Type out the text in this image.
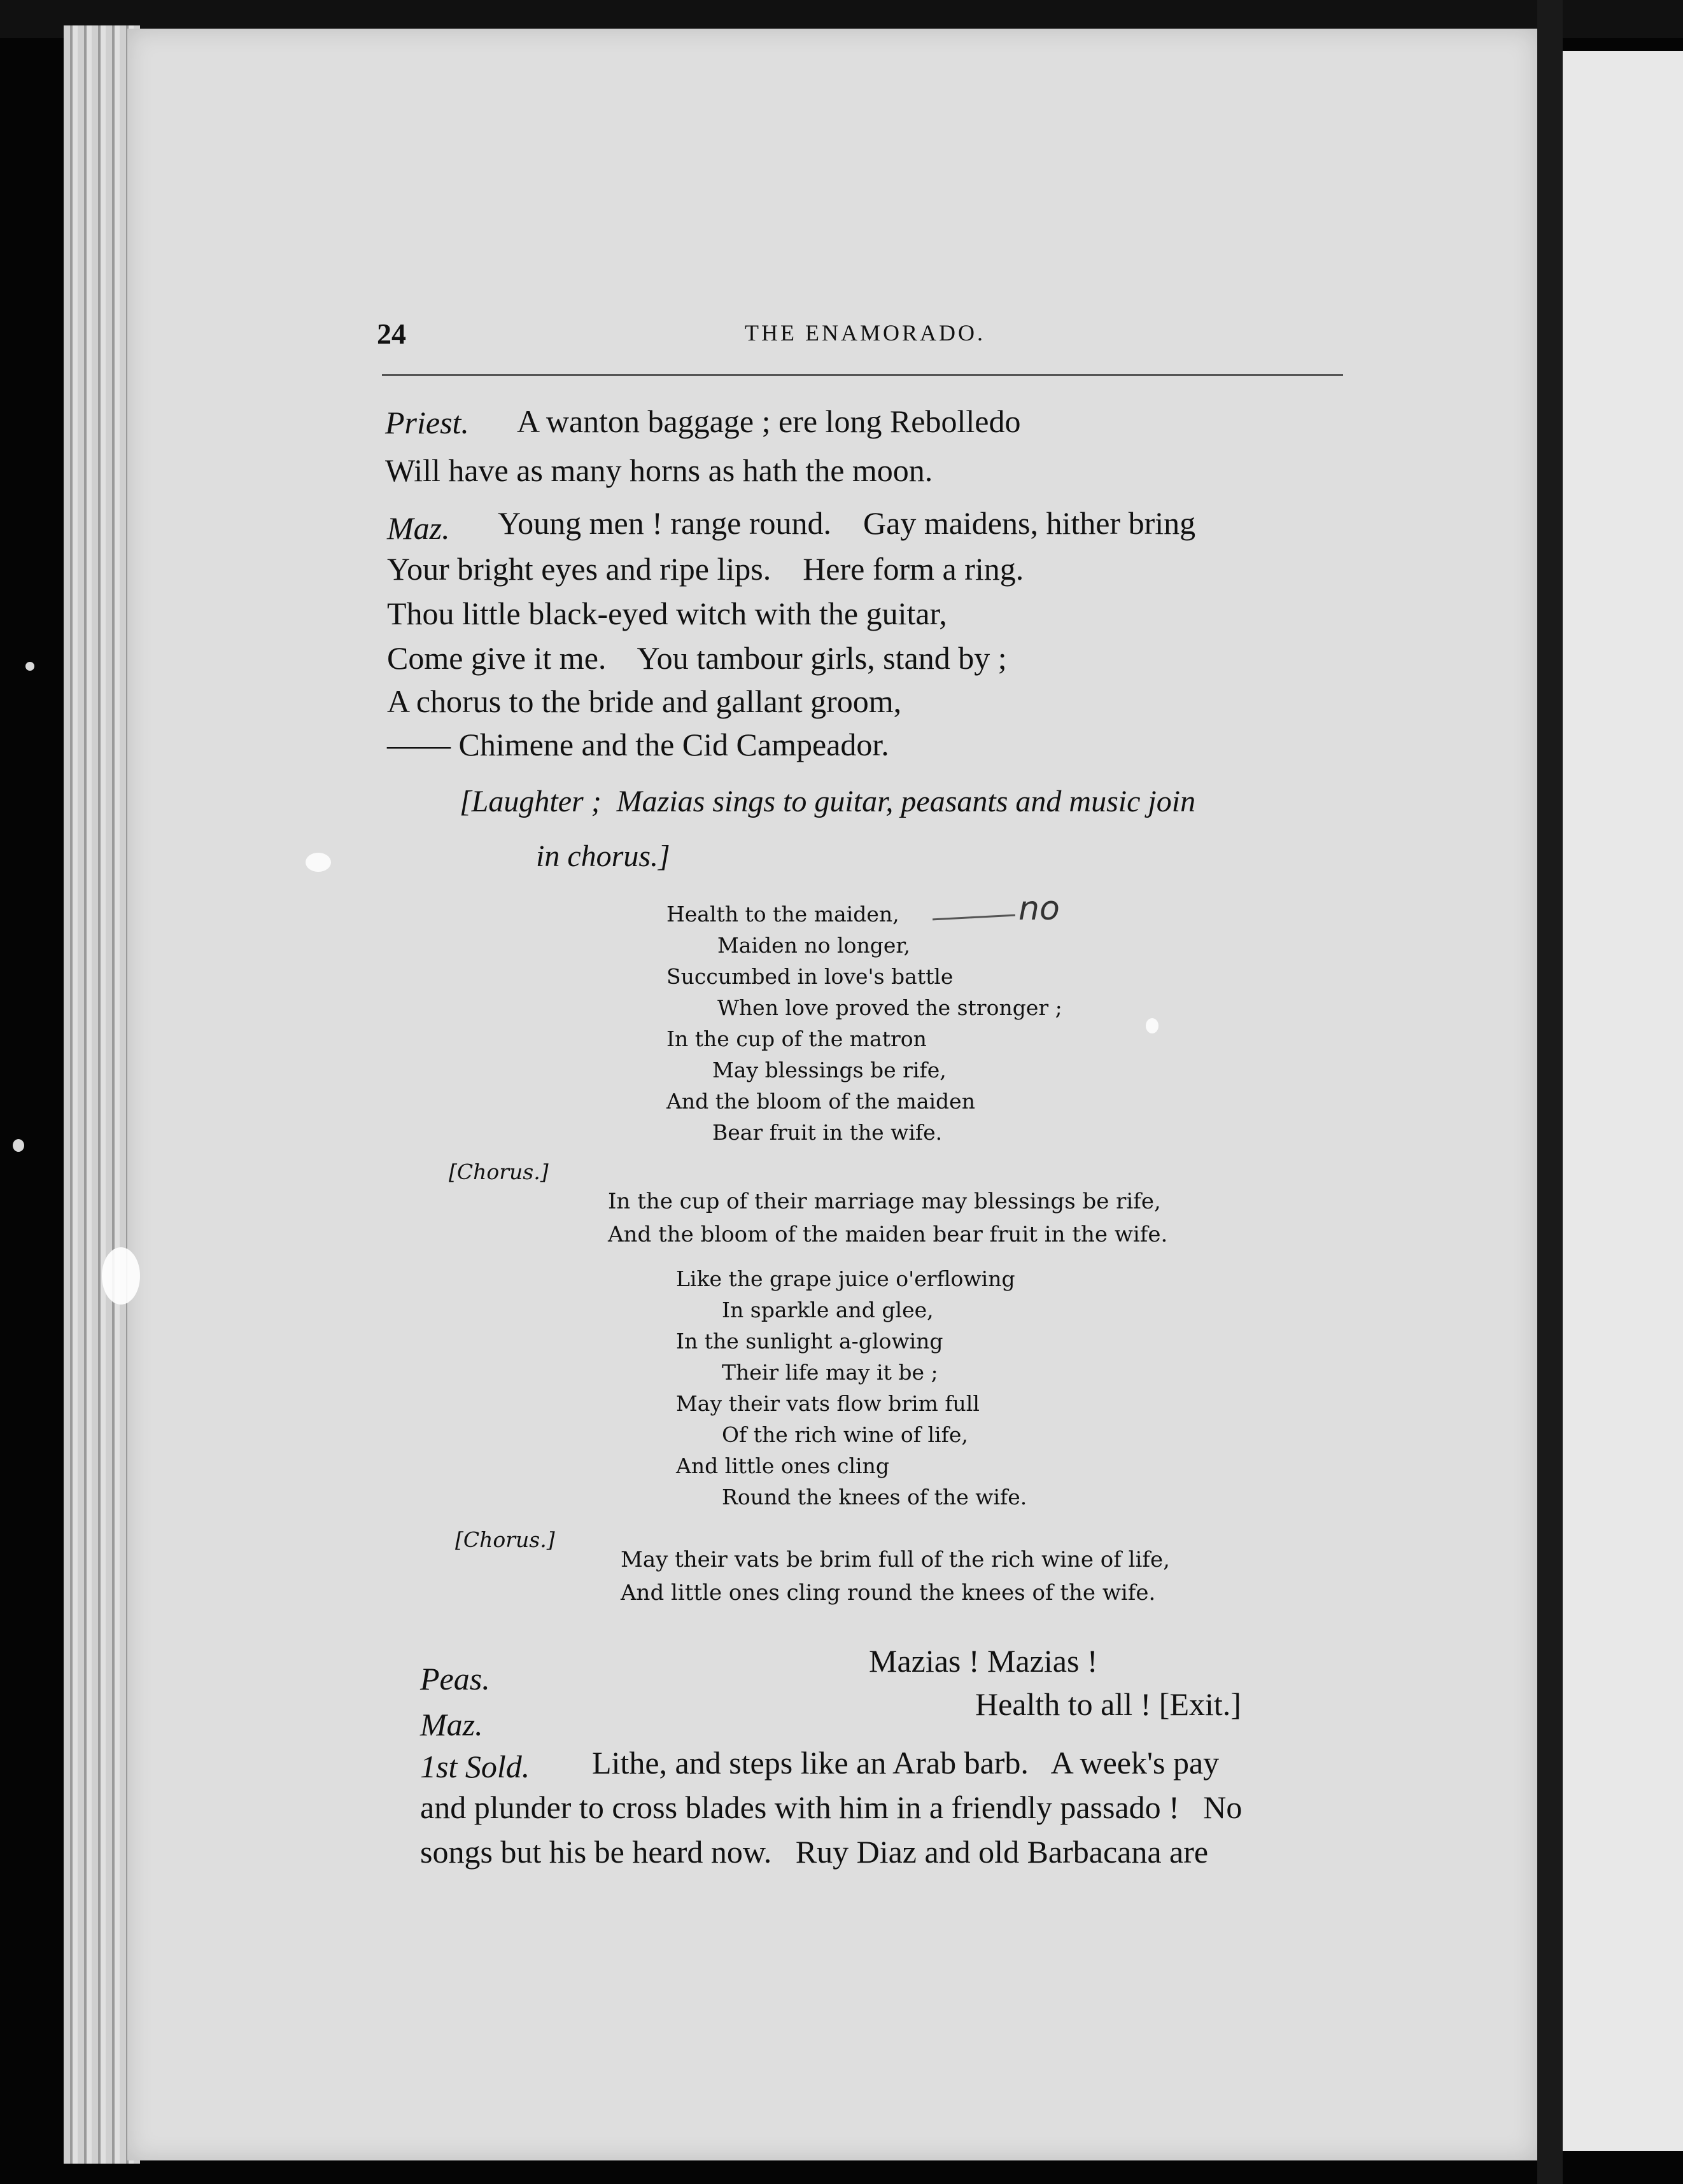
24	THE ENAMORADO.
Priest. A wanton baggage ; ere long Rebolledo
Will have as many horns as hath the moon.
Maz. Young men ! range round.    Gay maidens, hither bring
Your bright eyes and ripe lips.    Here form a ring.
Thou little black-eyed witch with the guitar,
Come give it me.    You tambour girls, stand by ;
A chorus to the bride and gallant groom,
—— Chimene and the Cid Campeador.
[Laughter ;  Mazias sings to guitar, peasants and music join
in chorus.]
Health to the maiden,
Maiden no longer,
Succumbed in love's battle
When love proved the stronger ;
In the cup of the matron
May blessings be rife,
And the bloom of the maiden
Bear fruit in the wife.
no
[Chorus.]
In the cup of their marriage may blessings be rife,
And the bloom of the maiden bear fruit in the wife.
Like the grape juice o'erflowing
In sparkle and glee,
In the sunlight a-glowing
Their life may it be ;
May their vats flow brim full
Of the rich wine of life,
And little ones cling
Round the knees of the wife.
[Chorus.]
May their vats be brim full of the rich wine of life,
And little ones cling round the knees of the wife.
Peas.	Mazias ! Mazias !
Maz.
Health to all ! [Exit.]
1st Sold. Lithe, and steps like an Arab barb.   A week's pay
and plunder to cross blades with him in a friendly passado !   No
songs but his be heard now.   Ruy Diaz and old Barbacana are
